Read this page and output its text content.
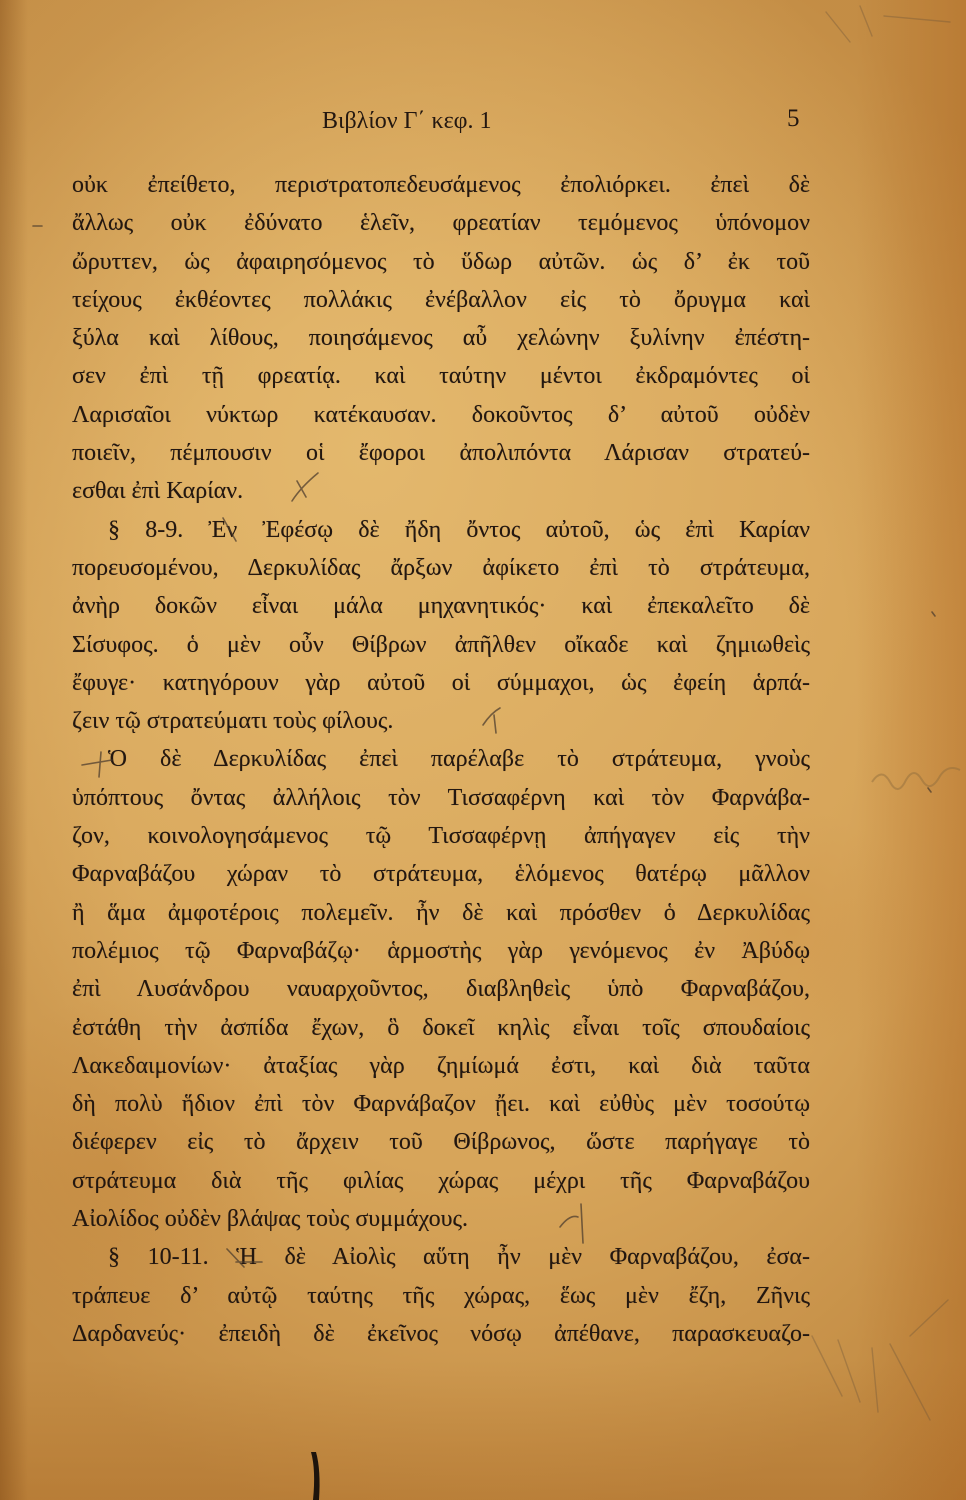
Βιβλίον Γ΄ κεφ. 1	5
οὐκ ἐπείθετο, περιστρατοπεδευσάμενος ἐπολιόρκει. ἐπεὶ δὲ
ἄλλως οὐκ ἐδύνατο ἑλεῖν, φρεατίαν τεμόμενος ὑπόνομον
ὤρυττεν, ὡς ἀφαιρησόμενος τὸ ὕδωρ αὐτῶν. ὡς δ’ ἐκ τοῦ
τείχους ἐκθέοντες πολλάκις ἐνέβαλλον εἰς τὸ ὄρυγμα καὶ
ξύλα καὶ λίθους, ποιησάμενος αὖ χελώνην ξυλίνην ἐπέστη-
σεν ἐπὶ τῇ φρεατίᾳ. καὶ ταύτην μέντοι ἐκδραμόντες οἱ
Λαρισαῖοι νύκτωρ κατέκαυσαν. δοκοῦντος δ’ αὐτοῦ οὐδὲν
ποιεῖν, πέμπουσιν οἱ ἔφοροι ἀπολιπόντα Λάρισαν στρατεύ-
εσθαι ἐπὶ Καρίαν.
§ 8-9. Ἐν Ἐφέσῳ δὲ ἤδη ὄντος αὐτοῦ, ὡς ἐπὶ Καρίαν
πορευσομένου, Δερκυλίδας ἄρξων ἀφίκετο ἐπὶ τὸ στράτευμα,
ἀνὴρ δοκῶν εἶναι μάλα μηχανητικός· καὶ ἐπεκαλεῖτο δὲ
Σίσυφος. ὁ μὲν οὖν Θίβρων ἀπῆλθεν οἴκαδε καὶ ζημιωθεὶς
ἔφυγε· κατηγόρουν γὰρ αὐτοῦ οἱ σύμμαχοι, ὡς ἐφείη ἁρπά-
ζειν τῷ στρατεύματι τοὺς φίλους.
Ὁ δὲ Δερκυλίδας ἐπεὶ παρέλαβε τὸ στράτευμα, γνοὺς
ὑπόπτους ὄντας ἀλλήλοις τὸν Τισσαφέρνη καὶ τὸν Φαρνάβα-
ζον, κοινολογησάμενος τῷ Τισσαφέρνῃ ἀπήγαγεν εἰς τὴν
Φαρναβάζου χώραν τὸ στράτευμα, ἑλόμενος θατέρῳ μᾶλλον
ἢ ἅμα ἀμφοτέροις πολεμεῖν. ἦν δὲ καὶ πρόσθεν ὁ Δερκυλίδας
πολέμιος τῷ Φαρναβάζῳ· ἁρμοστὴς γὰρ γενόμενος ἐν Ἀβύδῳ
ἐπὶ Λυσάνδρου ναυαρχοῦντος, διαβληθεὶς ὑπὸ Φαρναβάζου,
ἐστάθη τὴν ἀσπίδα ἔχων, ὃ δοκεῖ κηλὶς εἶναι τοῖς σπουδαίοις
Λακεδαιμονίων· ἀταξίας γὰρ ζημίωμά ἐστι, καὶ διὰ ταῦτα
δὴ πολὺ ἥδιον ἐπὶ τὸν Φαρνάβαζον ᾔει. καὶ εὐθὺς μὲν τοσούτῳ
διέφερεν εἰς τὸ ἄρχειν τοῦ Θίβρωνος, ὥστε παρήγαγε τὸ
στράτευμα διὰ τῆς φιλίας χώρας μέχρι τῆς Φαρναβάζου
Αἰολίδος οὐδὲν βλάψας τοὺς συμμάχους.
§ 10-11. Ἡ δὲ Αἰολὶς αὕτη ἦν μὲν Φαρναβάζου, ἐσα-
τράπευε δ’ αὐτῷ ταύτης τῆς χώρας, ἕως μὲν ἔζη, Ζῆνις
Δαρδανεύς· ἐπειδὴ δὲ ἐκεῖνος νόσῳ ἀπέθανε, παρασκευαζο-
